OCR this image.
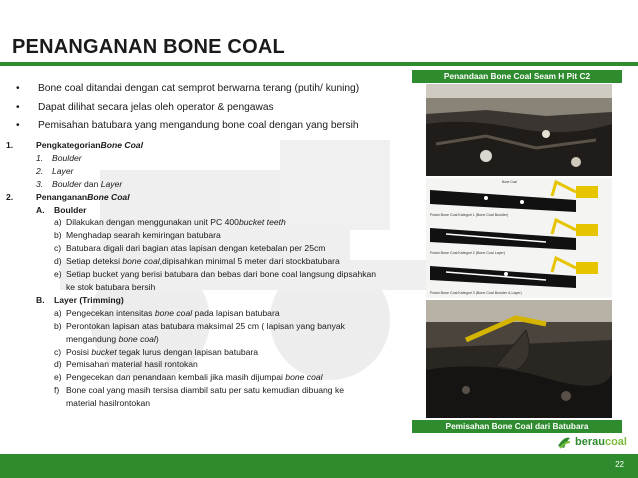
PENANGANAN BONE COAL
•	Bone coal ditandai dengan cat semprot berwarna terang (putih/ kuning)
•	Dapat dilihat secara jelas oleh operator & pengawas
•	Pemisahan batubara yang mengandung bone coal dengan yang bersih
1.	Pengkategorian Bone Coal
1.	Boulder
2.	Layer
3.	Boulder dan Layer
2.	Penanganan Bone Coal
A.	Boulder
a) Dilakukan dengan menggunakan unit PC 400 bucket teeth
b) Menghadap searah kemiringan batubara
c) Batubara digali dari bagian atas lapisan dengan ketebalan per 25cm
d) Setiap deteksi bone coal ,dipisahkan minimal 5 meter dari stockbatubara
e) Setiap bucket yang berisi batubara dan bebas dari bone coal langsung dipsahkan
ke stok batubara bersih
B.	Layer (Trimming)
a) Pengecekan intensitas bone coal pada lapisan batubara
b) Perontokan lapisan atas batubara maksimal 25 cm ( lapisan yang banyak
mengandung bone coal )
c) Posisi bucket tegak lurus dengan lapisan batubara
d) Pemisahan material hasil rontokan
e) Pengecekan dan penandaan kembali jika masih dijumpai bone coal
f) Bone coal yang masih tersisa diambil satu per satu kemudian dibuang ke
material hasilrontokan
Penandaan Bone Coal Seam H Pit C2
Bone Coal
Posisi Bone Coal Kategori 1 (Bone Coal Boulder)
Posisi Bone Coal Kategori 2 (Bone Coal Layer)
Posisi Bone Coal Kategori 3 (Bone Coal Boulder & Layer)
Pemisahan Bone Coal dari Batubara
beraucoal
22
